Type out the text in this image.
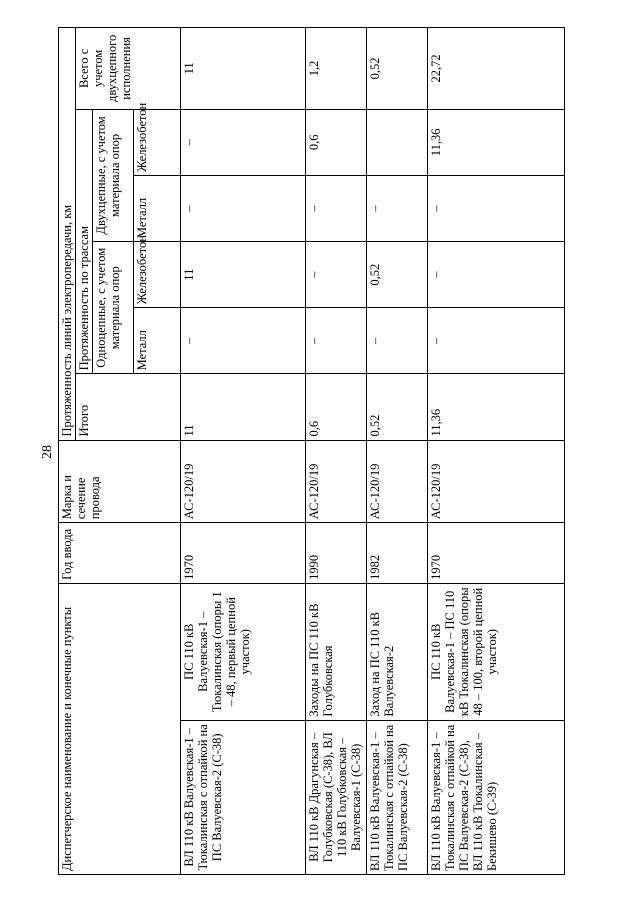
28
Диспетчерское наименование и конечные пункты		Год ввода	Марка и сечение провода	Протяженность линий электропередачи, км					
				Итого	Протяженность по трассам				Всего с учетом двухцепного исполнения
					Одноцепные, с учетом материала опор		Двухцепные, с учетом материала опор		
					Металл	Железобетон	Металл	Железобетон	
ВЛ 110 кВ Валуевская-1 – Тюкалинская с отпайкой на ПС Валуевская-2 (С-38)	ПС 110 кВ Валуевская-1 – Тюкалинская (опоры 1 – 48, первый цепной участок)	1970	АС-120/19	11	–	11	–	–	11
ВЛ 110 кВ Драгунская – Голубковская (С-38), ВЛ 110 кВ Голубковская – Валуевская-1 (С-38)	Заходы на ПС 110 кВ Голубковская	1990	АС-120/19	0,6	–	–	–	0,6	1,2
ВЛ 110 кВ Валуевская-1 – Тюкалинская с отпайкой на ПС Валуевская-2 (С-38)	Заход на ПС 110 кВ Валуевская-2	1982	АС-120/19	0,52	–	0,52	–		0,52
ВЛ 110 кВ Валуевская-1 – Тюкалинская с отпайкой на ПС Валуевская-2 (С-38), ВЛ 110 кВ Тюкалинская – Бекишево (С-39)	ПС 110 кВ Валуевская-1 – ПС 110 кВ Тюкалинская (опоры 48 – 100, второй цепной участок)	1970	АС-120/19	11,36	–	–	–	11,36	22,72
